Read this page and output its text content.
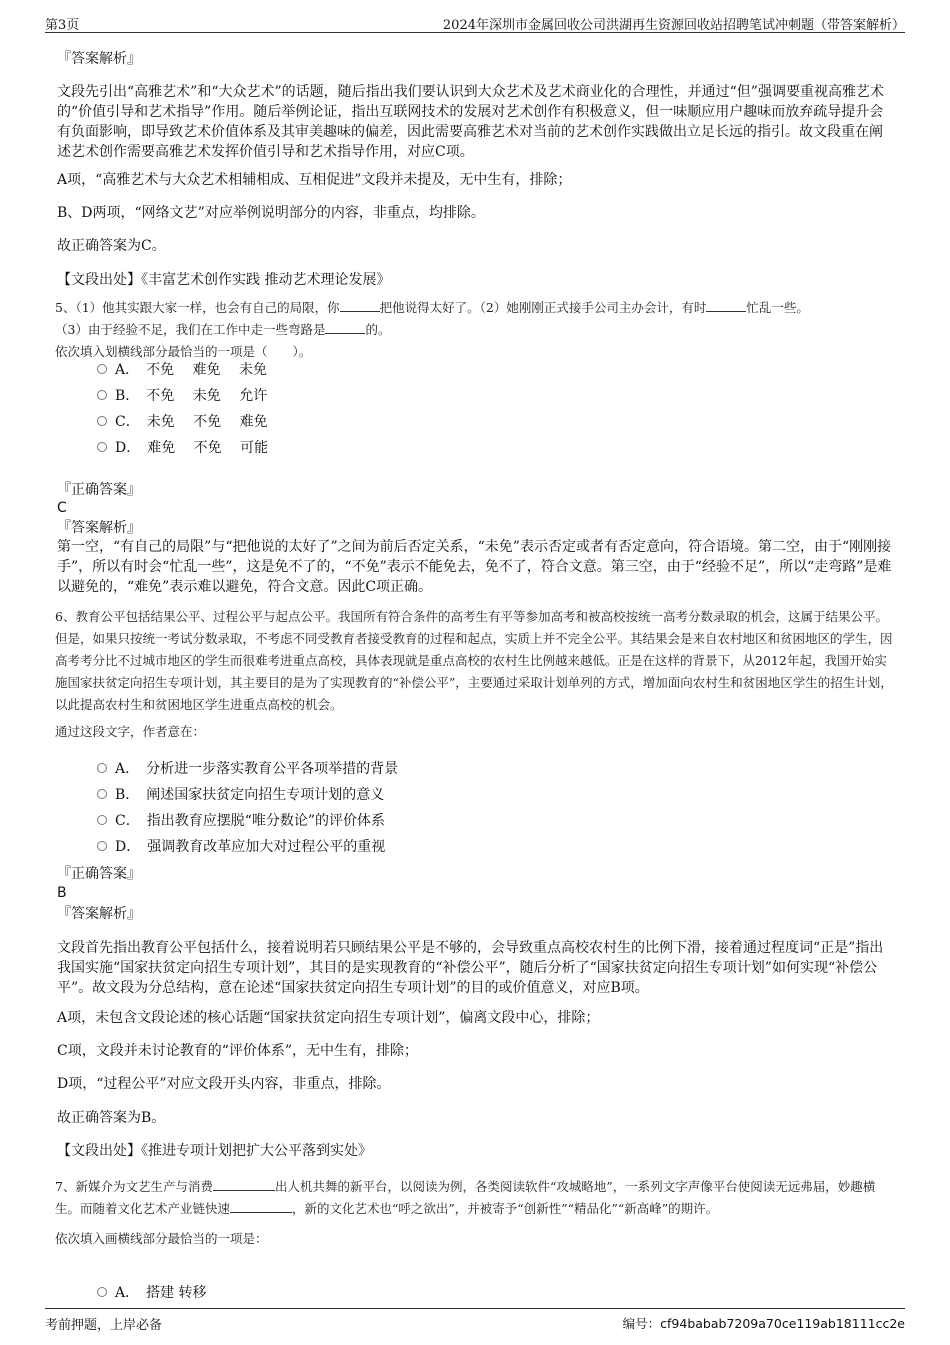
第3页	2024年深圳市金属回收公司洪湖再生资源回收站招聘笔试冲刺题（带答案解析）
『答案解析』

文段先引出“高雅艺术”和“大众艺术”的话题，随后指出我们要认识到大众艺术及艺术商业化的合理性，并通过“但”强调要重视高雅艺术的“价值引导和艺术指导”作用。随后举例论证，指出互联网技术的发展对艺术创作有积极意义，但一味顺应用户趣味而放弃疏导提升会有负面影响，即导致艺术价值体系及其审美趣味的偏差，因此需要高雅艺术对当前的艺术创作实践做出立足长远的指引。故文段重在阐述艺术创作需要高雅艺术发挥价值引导和艺术指导作用，对应C项。

A项，“高雅艺术与大众艺术相辅相成、互相促进”文段并未提及，无中生有，排除；

B、D两项，“网络文艺”对应举例说明部分的内容，非重点，均排除。

故正确答案为C。

【文段出处】《丰富艺术创作实践 推动艺术理论发展》

5、（1）他其实跟大家一样，也会有自己的局限，你	把他说得太好了。（2）她刚刚正式接手公司主办会计，有时	忙乱一些。
（3）由于经验不足，我们在工作中走一些弯路是	的。
依次填入划横线部分最恰当的一项是（　　）。

A．　不免　 难免　 未免
B．　不免　 未免　 允许
C．　未免　 不免　 难免
D．　难免　 不免　 可能
『正确答案』
C
『答案解析』

第一空，“有自己的局限”与“把他说的太好了”之间为前后否定关系，“未免”表示否定或者有否定意向，符合语境。第二空，由于“刚刚接手”，所以有时会“忙乱一些”，这是免不了的，“不免”表示不能免去，免不了，符合文意。第三空，由于“经验不足”，所以“走弯路”是难以避免的，“难免”表示难以避免，符合文意。因此C项正确。

6、教育公平包括结果公平、过程公平与起点公平。我国所有符合条件的高考生有平等参加高考和被高校按统一高考分数录取的机会，这属于结果公平。但是，如果只按统一考试分数录取，不考虑不同受教育者接受教育的过程和起点，实质上并不完全公平。其结果会是来自农村地区和贫困地区的学生，因高考考分比不过城市地区的学生而很难考进重点高校，具体表现就是重点高校的农村生比例越来越低。正是在这样的背景下，从2012年起，我国开始实施国家扶贫定向招生专项计划，其主要目的是为了实现教育的“补偿公平”，主要通过采取计划单列的方式，增加面向农村生和贫困地区学生的招生计划，以此提高农村生和贫困地区学生进重点高校的机会。

通过这段文字，作者意在：

A．　分析进一步落实教育公平各项举措的背景
B．　阐述国家扶贫定向招生专项计划的意义
C．　指出教育应摆脱“唯分数论”的评价体系
D．　强调教育改革应加大对过程公平的重视
『正确答案』
B
『答案解析』

文段首先指出教育公平包括什么，接着说明若只顾结果公平是不够的，会导致重点高校农村生的比例下滑，接着通过程度词“正是”指出我国实施“国家扶贫定向招生专项计划”，其目的是实现教育的“补偿公平”，随后分析了“国家扶贫定向招生专项计划”如何实现“补偿公平”。故文段为分总结构，意在论述“国家扶贫定向招生专项计划”的目的或价值意义，对应B项。

A项，未包含文段论述的核心话题“国家扶贫定向招生专项计划”，偏离文段中心，排除；

C项，文段并未讨论教育的“评价体系”，无中生有，排除；

D项，“过程公平”对应文段开头内容，非重点，排除。

故正确答案为B。

【文段出处】《推进专项计划把扩大公平落到实处》

7、新媒介为文艺生产与消费	出人机共舞的新平台，以阅读为例，各类阅读软件“攻城略地”，一系列文字声像平台使阅读无远弗届，妙趣横生。而随着文化艺术产业链快速	，新的文化艺术也“呼之欲出”，并被寄予“创新性”“精品化”“新高峰”的期许。

依次填入画横线部分最恰当的一项是：

A．　搭建 转移
考前押题，上岸必备	编号：cf94babab7209a70ce119ab18111cc2e
